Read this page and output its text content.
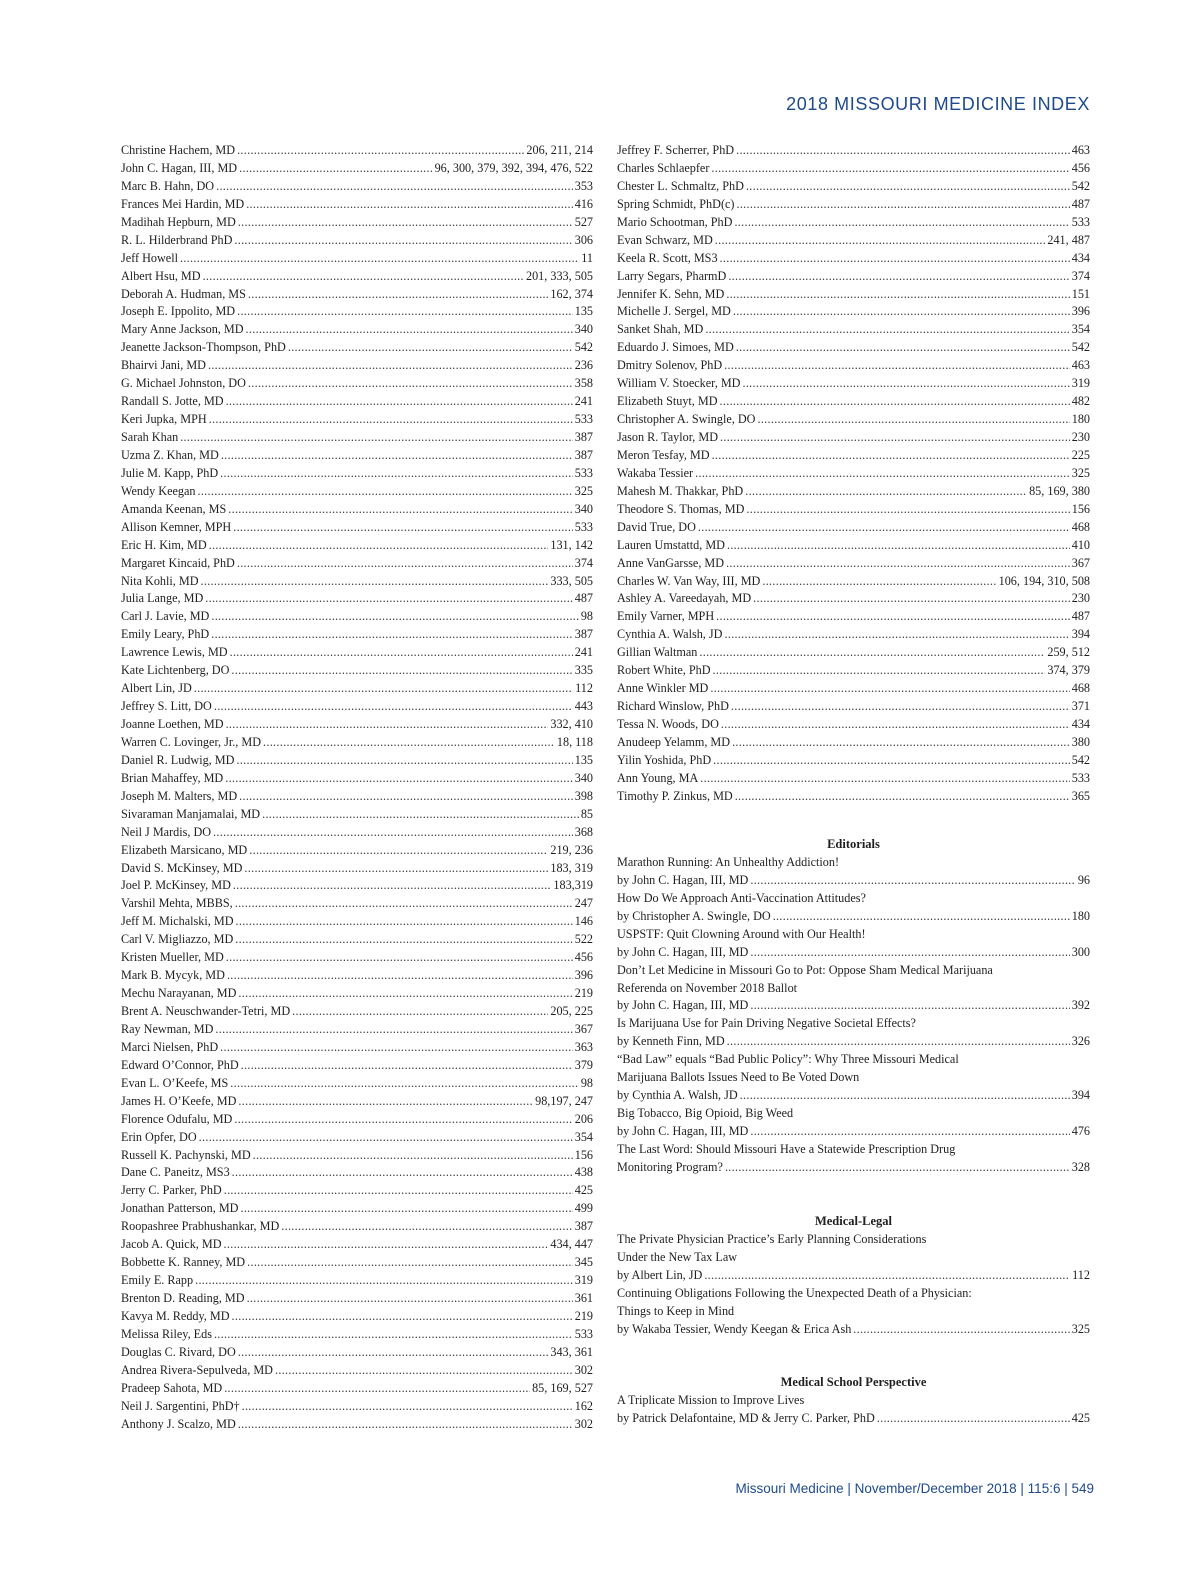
2018 MISSOURI MEDICINE INDEX
Christine Hachem, MD .....	206, 211, 214
John C. Hagan, III, MD .....	96, 300, 379, 392, 394, 476, 522
Marc B. Hahn, DO .....	353
Frances Mei Hardin, MD .....	416
Madihah Hepburn, MD .....	527
R. L. Hilderbrand PhD .....	306
Jeff Howell .....	11
Albert Hsu, MD .....	201, 333, 505
Deborah A. Hudman, MS .....	162, 374
Joseph E. Ippolito, MD .....	135
Mary Anne Jackson, MD .....	340
Jeanette Jackson-Thompson, PhD .....	542
Bhairvi Jani, MD .....	236
G. Michael Johnston, DO .....	358
Randall S. Jotte, MD .....	241
Keri Jupka, MPH .....	533
Sarah Khan .....	387
Uzma Z. Khan, MD .....	387
Julie M. Kapp, PhD .....	533
Wendy Keegan .....	325
Amanda Keenan, MS .....	340
Allison Kemner, MPH .....	533
Eric H. Kim, MD .....	131, 142
Margaret Kincaid, PhD .....	374
Nita Kohli, MD .....	333, 505
Julia Lange, MD .....	487
Carl J. Lavie, MD .....	98
Emily Leary, PhD .....	387
Lawrence Lewis, MD .....	241
Kate Lichtenberg, DO .....	335
Albert Lin, JD .....	112
Jeffrey S. Litt, DO .....	443
Joanne Loethen, MD .....	332, 410
Warren C. Lovinger, Jr., MD .....	18, 118
Daniel R. Ludwig, MD .....	135
Brian Mahaffey, MD .....	340
Joseph M. Malters, MD .....	398
Sivaraman Manjamalai, MD .....	85
Neil J Mardis, DO .....	368
Elizabeth Marsicano, MD .....	219, 236
David S. McKinsey, MD .....	183, 319
Joel P. McKinsey, MD .....	183,319
Varshil Mehta, MBBS, .....	247
Jeff M. Michalski, MD .....	146
Carl V. Migliazzo, MD .....	522
Kristen Mueller, MD .....	456
Mark B. Mycyk, MD .....	396
Mechu Narayanan, MD .....	219
Brent A. Neuschwander-Tetri, MD .....	205, 225
Ray Newman, MD .....	367
Marci Nielsen, PhD .....	363
Edward O’Connor, PhD .....	379
Evan L. O’Keefe, MS .....	98
James H. O’Keefe, MD .....	98,197, 247
Florence Odufalu, MD .....	206
Erin Opfer, DO .....	354
Russell K. Pachynski, MD .....	156
Dane C. Paneitz, MS3 .....	438
Jerry C. Parker, PhD .....	425
Jonathan Patterson, MD .....	499
Roopashree Prabhushankar, MD .....	387
Jacob A. Quick, MD .....	434, 447
Bobbette K. Ranney, MD .....	345
Emily E. Rapp .....	319
Brenton D. Reading, MD .....	361
Kavya M. Reddy, MD .....	219
Melissa Riley, Eds .....	533
Douglas C. Rivard, DO .....	343, 361
Andrea Rivera-Sepulveda, MD .....	302
Pradeep Sahota, MD .....	85, 169, 527
Neil J. Sargentini, PhD† .....	162
Anthony J. Scalzo, MD .....	302
Jeffrey F. Scherrer, PhD .....	463
Charles Schlaepfer .....	456
Chester L. Schmaltz, PhD .....	542
Spring Schmidt, PhD(c) .....	487
Mario Schootman, PhD .....	533
Evan Schwarz, MD .....	241, 487
Keela R. Scott, MS3 .....	434
Larry Segars, PharmD .....	374
Jennifer K. Sehn, MD .....	151
Michelle J. Sergel, MD .....	396
Sanket Shah, MD .....	354
Eduardo J. Simoes, MD .....	542
Dmitry Solenov, PhD .....	463
William V. Stoecker, MD .....	319
Elizabeth Stuyt, MD .....	482
Christopher A. Swingle, DO .....	180
Jason R. Taylor, MD .....	230
Meron Tesfay, MD .....	225
Wakaba Tessier .....	325
Mahesh M. Thakkar, PhD .....	85, 169, 380
Theodore S. Thomas, MD .....	156
David True, DO .....	468
Lauren Umstattd, MD .....	410
Anne VanGarsse, MD .....	367
Charles W. Van Way, III, MD .....	106, 194, 310, 508
Ashley A. Vareedayah, MD .....	230
Emily Varner, MPH .....	487
Cynthia A. Walsh, JD .....	394
Gillian Waltman .....	259, 512
Robert White, PhD .....	374, 379
Anne Winkler MD .....	468
Richard Winslow, PhD .....	371
Tessa N. Woods, DO .....	434
Anudeep Yelamm, MD .....	380
Yilin Yoshida, PhD .....	542
Ann Young, MA .....	533
Timothy P. Zinkus, MD .....	365
Editorials
Marathon Running: An Unhealthy Addiction!
by John C. Hagan, III, MD .....	96
How Do We Approach Anti-Vaccination Attitudes?
by Christopher A. Swingle, DO .....	180
USPSTF: Quit Clowning Around with Our Health!
by John C. Hagan, III, MD .....	300
Don’t Let Medicine in Missouri Go to Pot: Oppose Sham Medical Marijuana
Referenda on November 2018 Ballot
by John C. Hagan, III, MD .....	392
Is Marijuana Use for Pain Driving Negative Societal Effects?
by Kenneth Finn, MD .....	326
“Bad Law” equals “Bad Public Policy”: Why Three Missouri Medical
Marijuana Ballots Issues Need to Be Voted Down
by Cynthia A. Walsh, JD .....	394
Big Tobacco, Big Opioid, Big Weed
by John C. Hagan, III, MD .....	476
The Last Word: Should Missouri Have a Statewide Prescription Drug
Monitoring Program? .....	328
Medical-Legal
The Private Physician Practice’s Early Planning Considerations
Under the New Tax Law
by Albert Lin, JD .....	112
Continuing Obligations Following the Unexpected Death of a Physician:
Things to Keep in Mind
by Wakaba Tessier, Wendy Keegan & Erica Ash .....	325
Medical School Perspective
A Triplicate Mission to Improve Lives
by Patrick Delafontaine, MD & Jerry C. Parker, PhD .....	425
Missouri Medicine | November/December 2018 | 115:6 | 549
